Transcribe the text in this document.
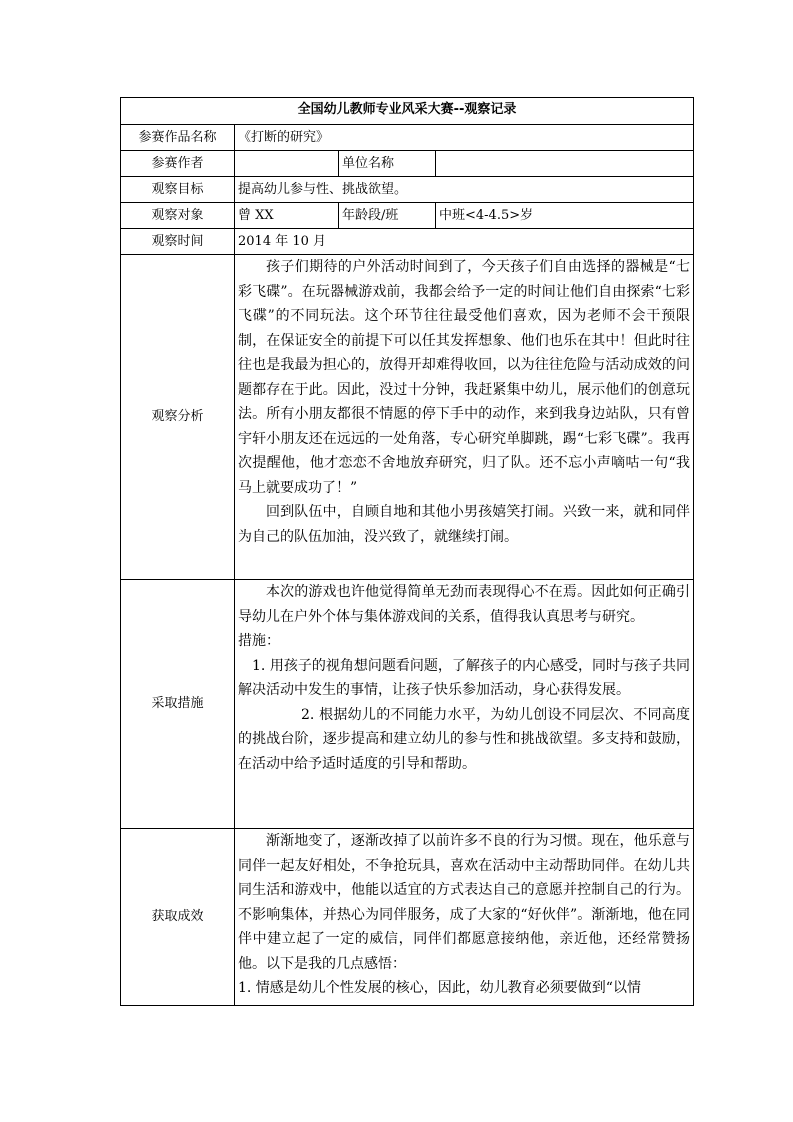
全国幼儿教师专业风采大赛--观察记录			
参赛作品名称	《打断的研究》		
参赛作者		单位名称	
观察目标	提高幼儿参与性、挑战欲望。		
观察对象	曾 XX	年龄段/班	中班<4-4.5>岁
观察时间	2014 年 10 月		
观察分析	孩子们期待的户外活动时间到了，今天孩子们自由选择的器械是“七彩飞碟”。在玩器械游戏前，我都会给予一定的时间让他们自由探索“七彩飞碟”的不同玩法。这个环节往往最受他们喜欢，因为老师不会干预限制，在保证安全的前提下可以任其发挥想象、他们也乐在其中！但此时往往也是我最为担心的，放得开却难得收回，以为往往危险与活动成效的问题都存在于此。因此，没过十分钟，我赶紧集中幼儿，展示他们的创意玩法。所有小朋友都很不情愿的停下手中的动作，来到我身边站队，只有曾宇轩小朋友还在远远的一处角落，专心研究单脚跳，踢“七彩飞碟”。我再次提醒他，他才恋恋不舍地放弃研究，归了队。还不忘小声嘀咕一句“我马上就要成功了！”

回到队伍中，自顾自地和其他小男孩嬉笑打闹。兴致一来，就和同伴为自己的队伍加油，没兴致了，就继续打闹。		

采取措施	本次的游戏也许他觉得简单无劲而表现得心不在焉。因此如何正确引导幼儿在户外个体与集体游戏间的关系，值得我认真思考与研究。

措施：

1. 用孩子的视角想问题看问题，了解孩子的内心感受，同时与孩子共同解决活动中发生的事情，让孩子快乐参加活动，身心获得发展。

2. 根据幼儿的不同能力水平，为幼儿创设不同层次、不同高度的挑战台阶，逐步提高和建立幼儿的参与性和挑战欲望。多支持和鼓励，在活动中给予适时适度的引导和帮助。		

获取成效	渐渐地变了，逐渐改掉了以前许多不良的行为习惯。现在，他乐意与同伴一起友好相处，不争抢玩具，喜欢在活动中主动帮助同伴。在幼儿共同生活和游戏中，他能以适宜的方式表达自己的意愿并控制自己的行为。不影响集体，并热心为同伴服务，成了大家的“好伙伴”。渐渐地，他在同伴中建立起了一定的威信，同伴们都愿意接纳他，亲近他，还经常赞扬他。以下是我的几点感悟：

1. 情感是幼儿个性发展的核心，因此，幼儿教育必须要做到“以情		
